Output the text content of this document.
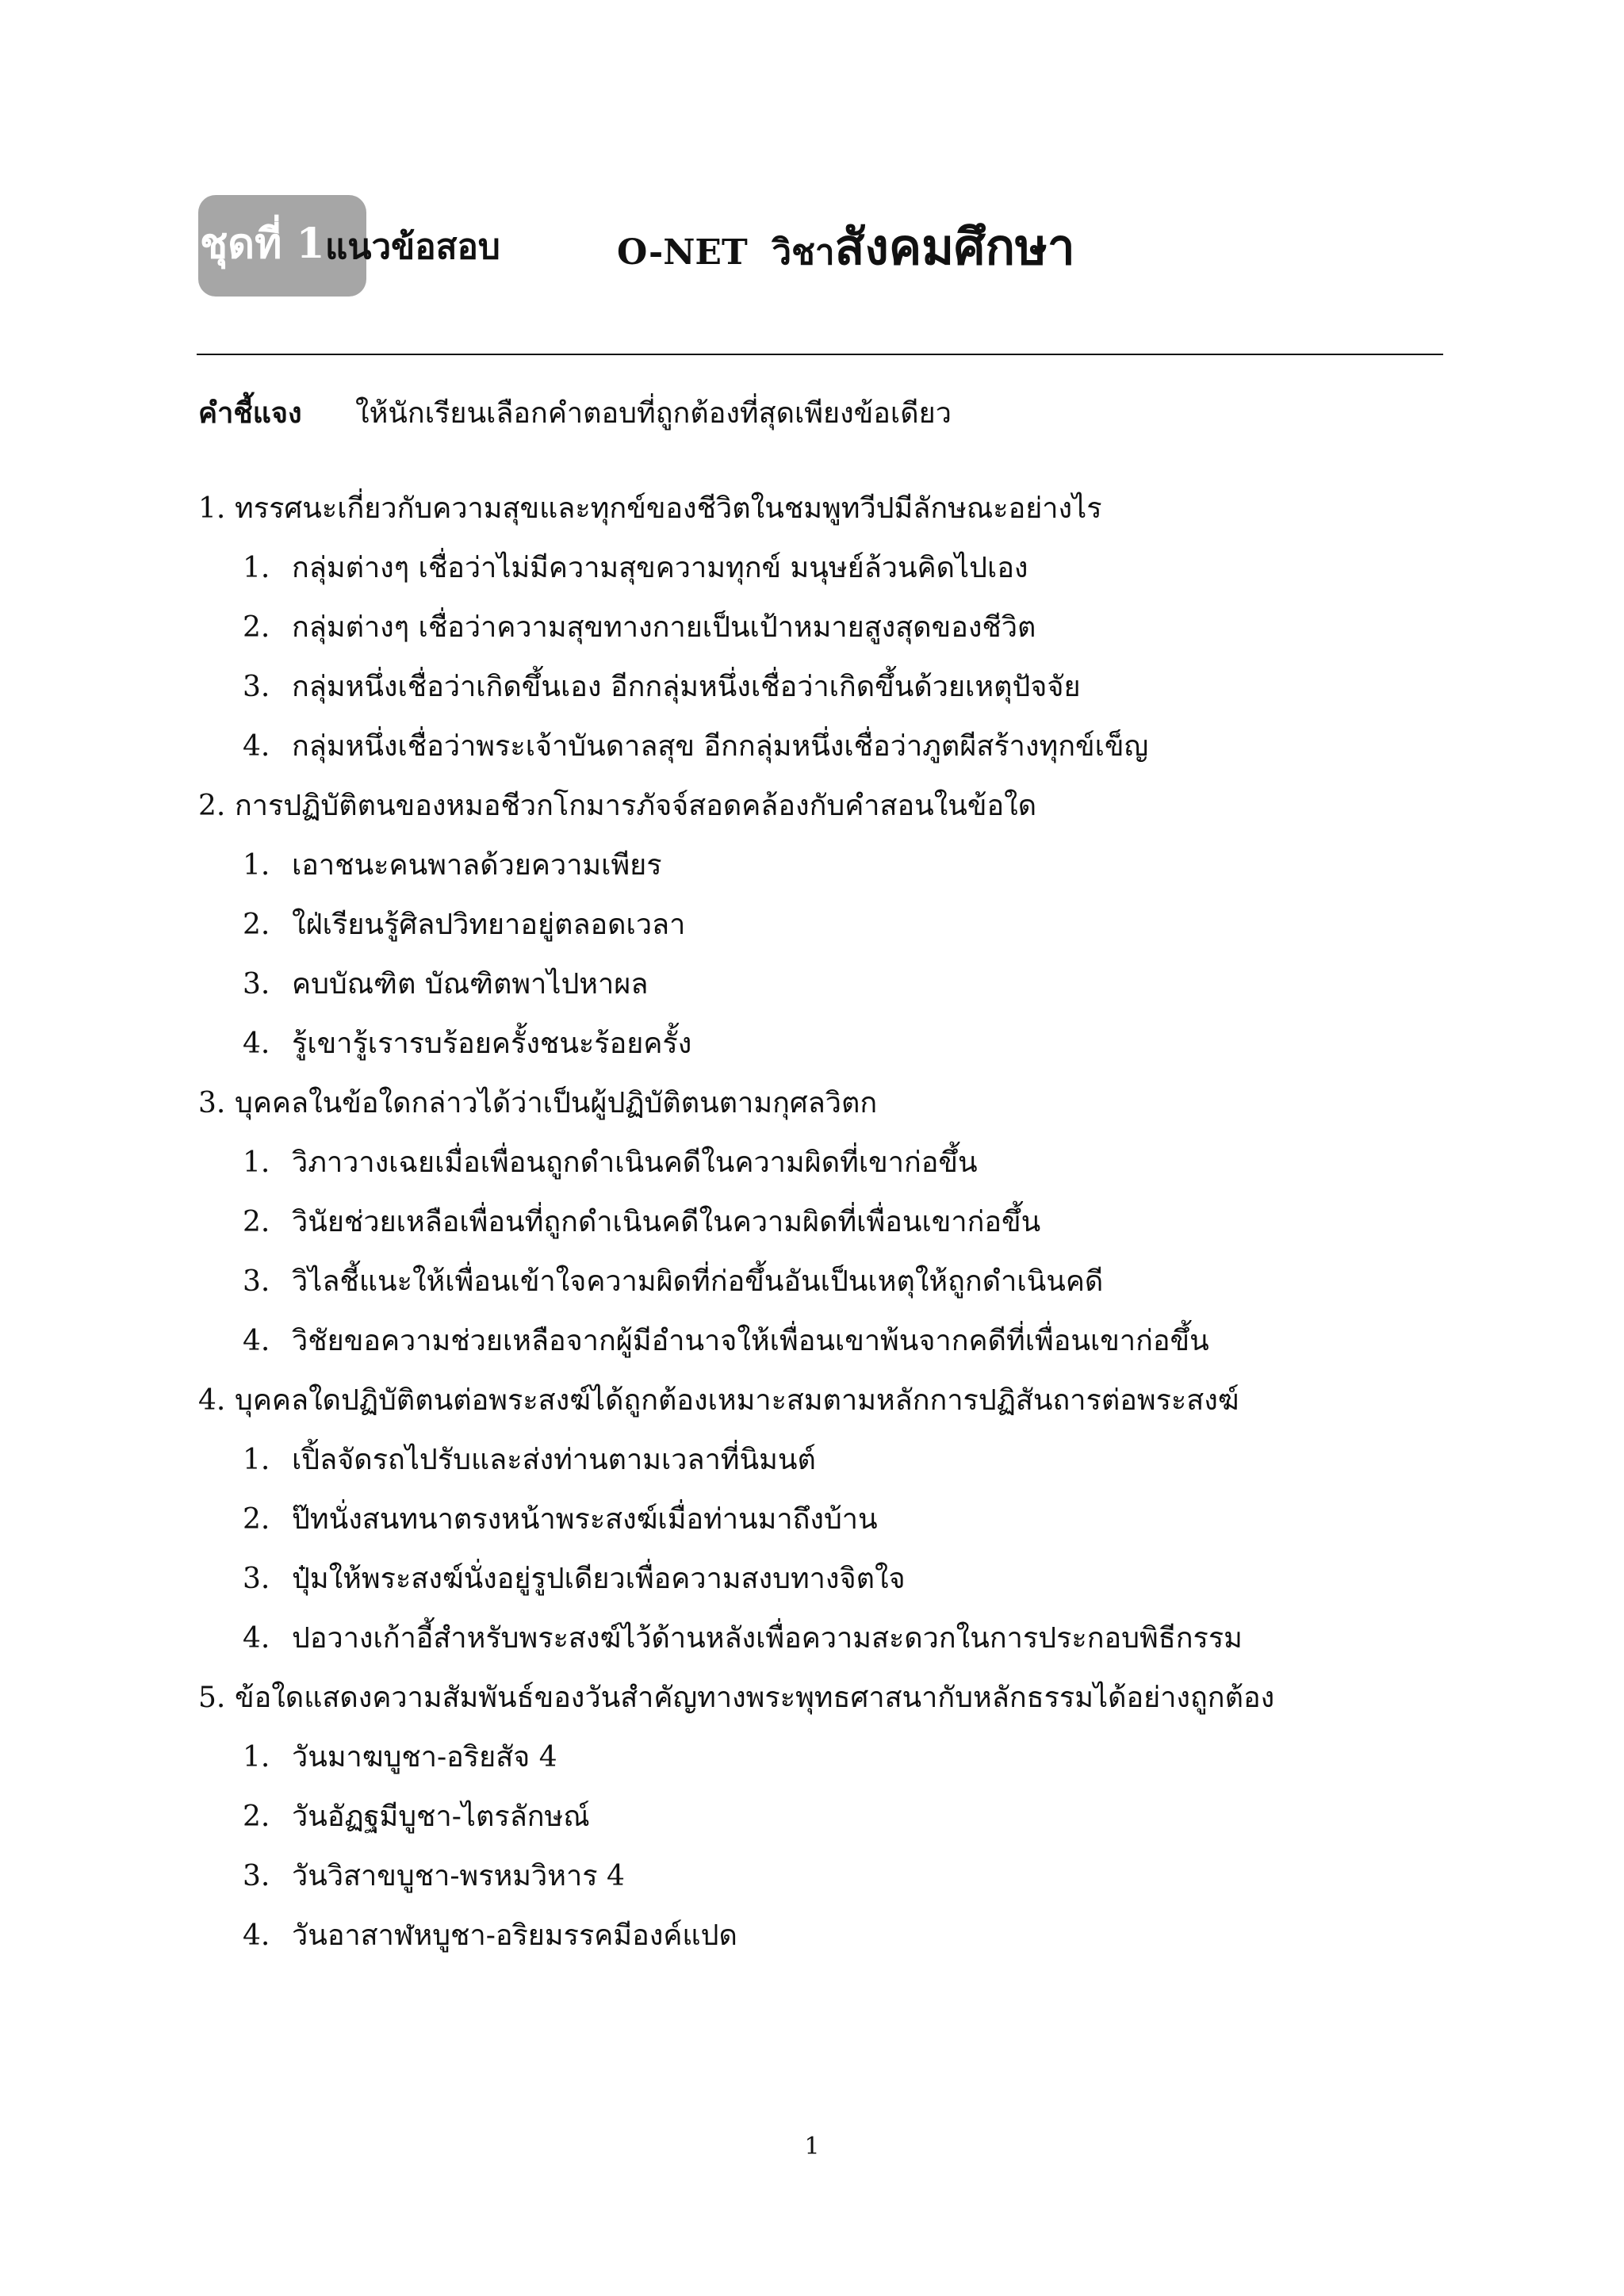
ชุดที่ 1 แนวข้อสอบ	O-NET วิชาสังคมศึกษา
คำชี้แจง ให้นักเรียนเลือกคำตอบที่ถูกต้องที่สุดเพียงข้อเดียว
1. ทรรศนะเกี่ยวกับความสุขและทุกข์ของชีวิตในชมพูทวีปมีลักษณะอย่างไร
1. กลุ่มต่างๆ เชื่อว่าไม่มีความสุขความทุกข์ มนุษย์ล้วนคิดไปเอง
2. กลุ่มต่างๆ เชื่อว่าความสุขทางกายเป็นเป้าหมายสูงสุดของชีวิต
3. กลุ่มหนึ่งเชื่อว่าเกิดขึ้นเอง อีกกลุ่มหนึ่งเชื่อว่าเกิดขึ้นด้วยเหตุปัจจัย
4. กลุ่มหนึ่งเชื่อว่าพระเจ้าบันดาลสุข อีกกลุ่มหนึ่งเชื่อว่าภูตผีสร้างทุกข์เข็ญ
2. การปฏิบัติตนของหมอชีวกโกมารภัจจ์สอดคล้องกับคำสอนในข้อใด
1. เอาชนะคนพาลด้วยความเพียร
2. ใฝ่เรียนรู้ศิลปวิทยาอยู่ตลอดเวลา
3. คบบัณฑิต บัณฑิตพาไปหาผล
4. รู้เขารู้เรารบร้อยครั้งชนะร้อยครั้ง
3. บุคคลในข้อใดกล่าวได้ว่าเป็นผู้ปฏิบัติตนตามกุศลวิตก
1. วิภาวางเฉยเมื่อเพื่อนถูกดำเนินคดีในความผิดที่เขาก่อขึ้น
2. วินัยช่วยเหลือเพื่อนที่ถูกดำเนินคดีในความผิดที่เพื่อนเขาก่อขึ้น
3. วิไลชี้แนะให้เพื่อนเข้าใจความผิดที่ก่อขึ้นอันเป็นเหตุให้ถูกดำเนินคดี
4. วิชัยขอความช่วยเหลือจากผู้มีอำนาจให้เพื่อนเขาพ้นจากคดีที่เพื่อนเขาก่อขึ้น
4. บุคคลใดปฏิบัติตนต่อพระสงฆ์ได้ถูกต้องเหมาะสมตามหลักการปฏิสันถารต่อพระสงฆ์
1. เปิ้ลจัดรถไปรับและส่งท่านตามเวลาที่นิมนต์
2. ป๊ทนั่งสนทนาตรงหน้าพระสงฆ์เมื่อท่านมาถึงบ้าน
3. ปุ๋มให้พระสงฆ์นั่งอยู่รูปเดียวเพื่อความสงบทางจิตใจ
4. ปอวางเก้าอี้สำหรับพระสงฆ์ไว้ด้านหลังเพื่อความสะดวกในการประกอบพิธีกรรม
5. ข้อใดแสดงความสัมพันธ์ของวันสำคัญทางพระพุทธศาสนากับหลักธรรมได้อย่างถูกต้อง
1. วันมาฆบูชา-อริยสัจ 4
2. วันอัฏฐมีบูชา-ไตรลักษณ์
3. วันวิสาขบูชา-พรหมวิหาร 4
4. วันอาสาฬหบูชา-อริยมรรคมีองค์แปด
1
